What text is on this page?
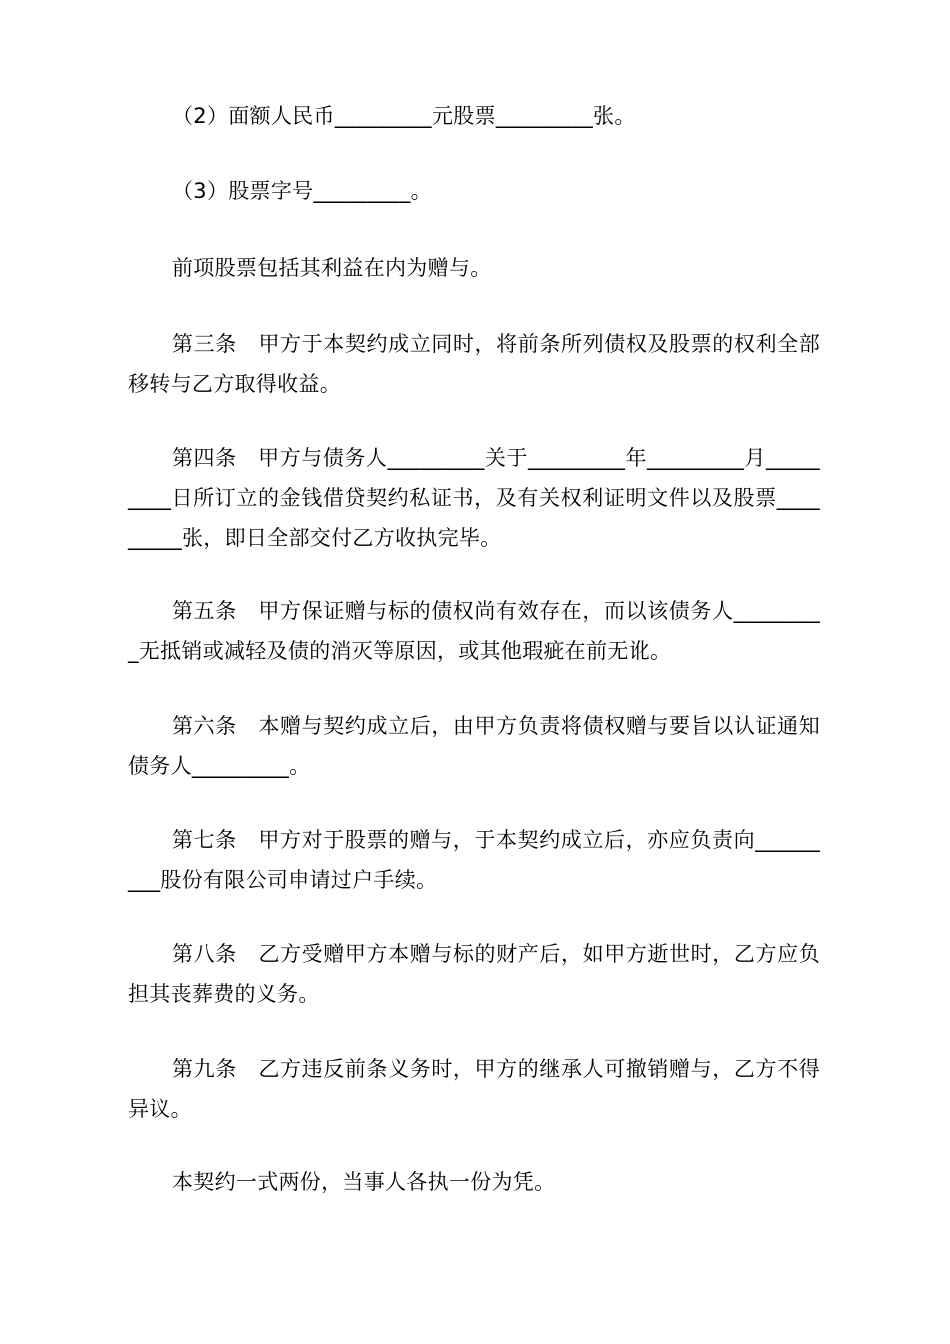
（2）面额人民币_________元股票_________张。

（3）股票字号_________。

前项股票包括其利益在内为赠与。

第三条　甲方于本契约成立同时，将前条所列债权及股票的权利全部移转与乙方取得收益。

第四条　甲方与债务人_________关于_________年_________月_________日所订立的金钱借贷契约私证书，及有关权利证明文件以及股票_________张，即日全部交付乙方收执完毕。

第五条　甲方保证赠与标的债权尚有效存在，而以该债务人_________无抵销或减轻及债的消灭等原因，或其他瑕疵在前无讹。

第六条　本赠与契约成立后，由甲方负责将债权赠与要旨以认证通知债务人_________。

第七条　甲方对于股票的赠与，于本契约成立后，亦应负责向_________股份有限公司申请过户手续。

第八条　乙方受赠甲方本赠与标的财产后，如甲方逝世时，乙方应负担其丧葬费的义务。

第九条　乙方违反前条义务时，甲方的继承人可撤销赠与，乙方不得异议。

本契约一式两份，当事人各执一份为凭。
